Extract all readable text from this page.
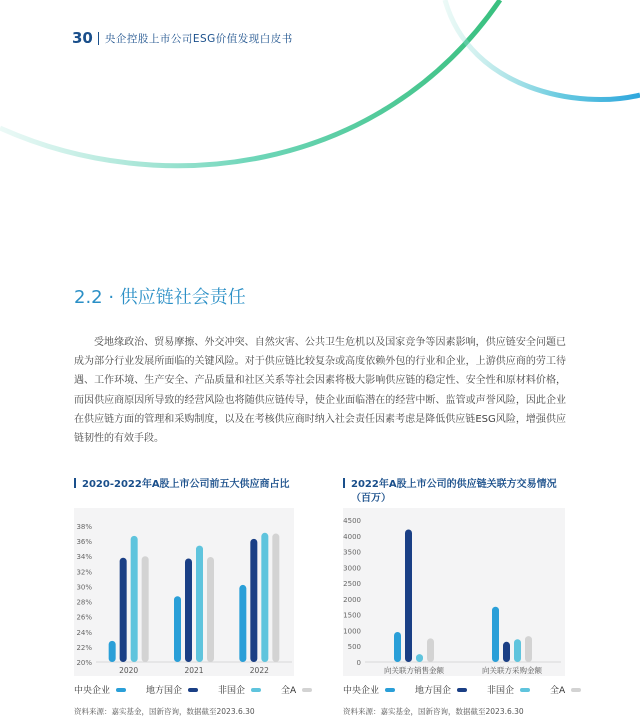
30 央企控股上市公司ESG价值发现白皮书
2.2 · 供应链社会责任
受地缘政治、贸易摩擦、外交冲突、自然灾害、公共卫生危机以及国家竞争等因素影响，供应链安全问题已成为部分行业发展所面临的关键风险。对于供应链比较复杂或高度依赖外包的行业和企业，上游供应商的劳工待遇、工作环境、生产安全、产品质量和社区关系等社会因素将极大影响供应链的稳定性、安全性和原材料价格，而因供应商原因所导致的经营风险也将随供应链传导，使企业面临潜在的经营中断、监管或声誉风险，因此企业在供应链方面的管理和采购制度，以及在考核供应商时纳入社会责任因素考虑是降低供应链ESG风险，增强供应链韧性的有效手段。
2020-2022年A股上市公司前五大供应商占比
20%
22%
24%
26%
28%
30%
32%
34%
36%
38%
2020	2021	2022
2022年A股上市公司的供应链关联方交易情况
（百万）
0
500
1000
1500
2000
2500
3000
3500
4000
4500
向关联方销售金额	向关联方采购金额
中央企业	地方国企	非国企	全A	中央企业	地方国企	非国企	全A
资料来源：嘉实基金，国新咨询，数据截至2023.6.30	资料来源：嘉实基金，国新咨询，数据截至2023.6.30
